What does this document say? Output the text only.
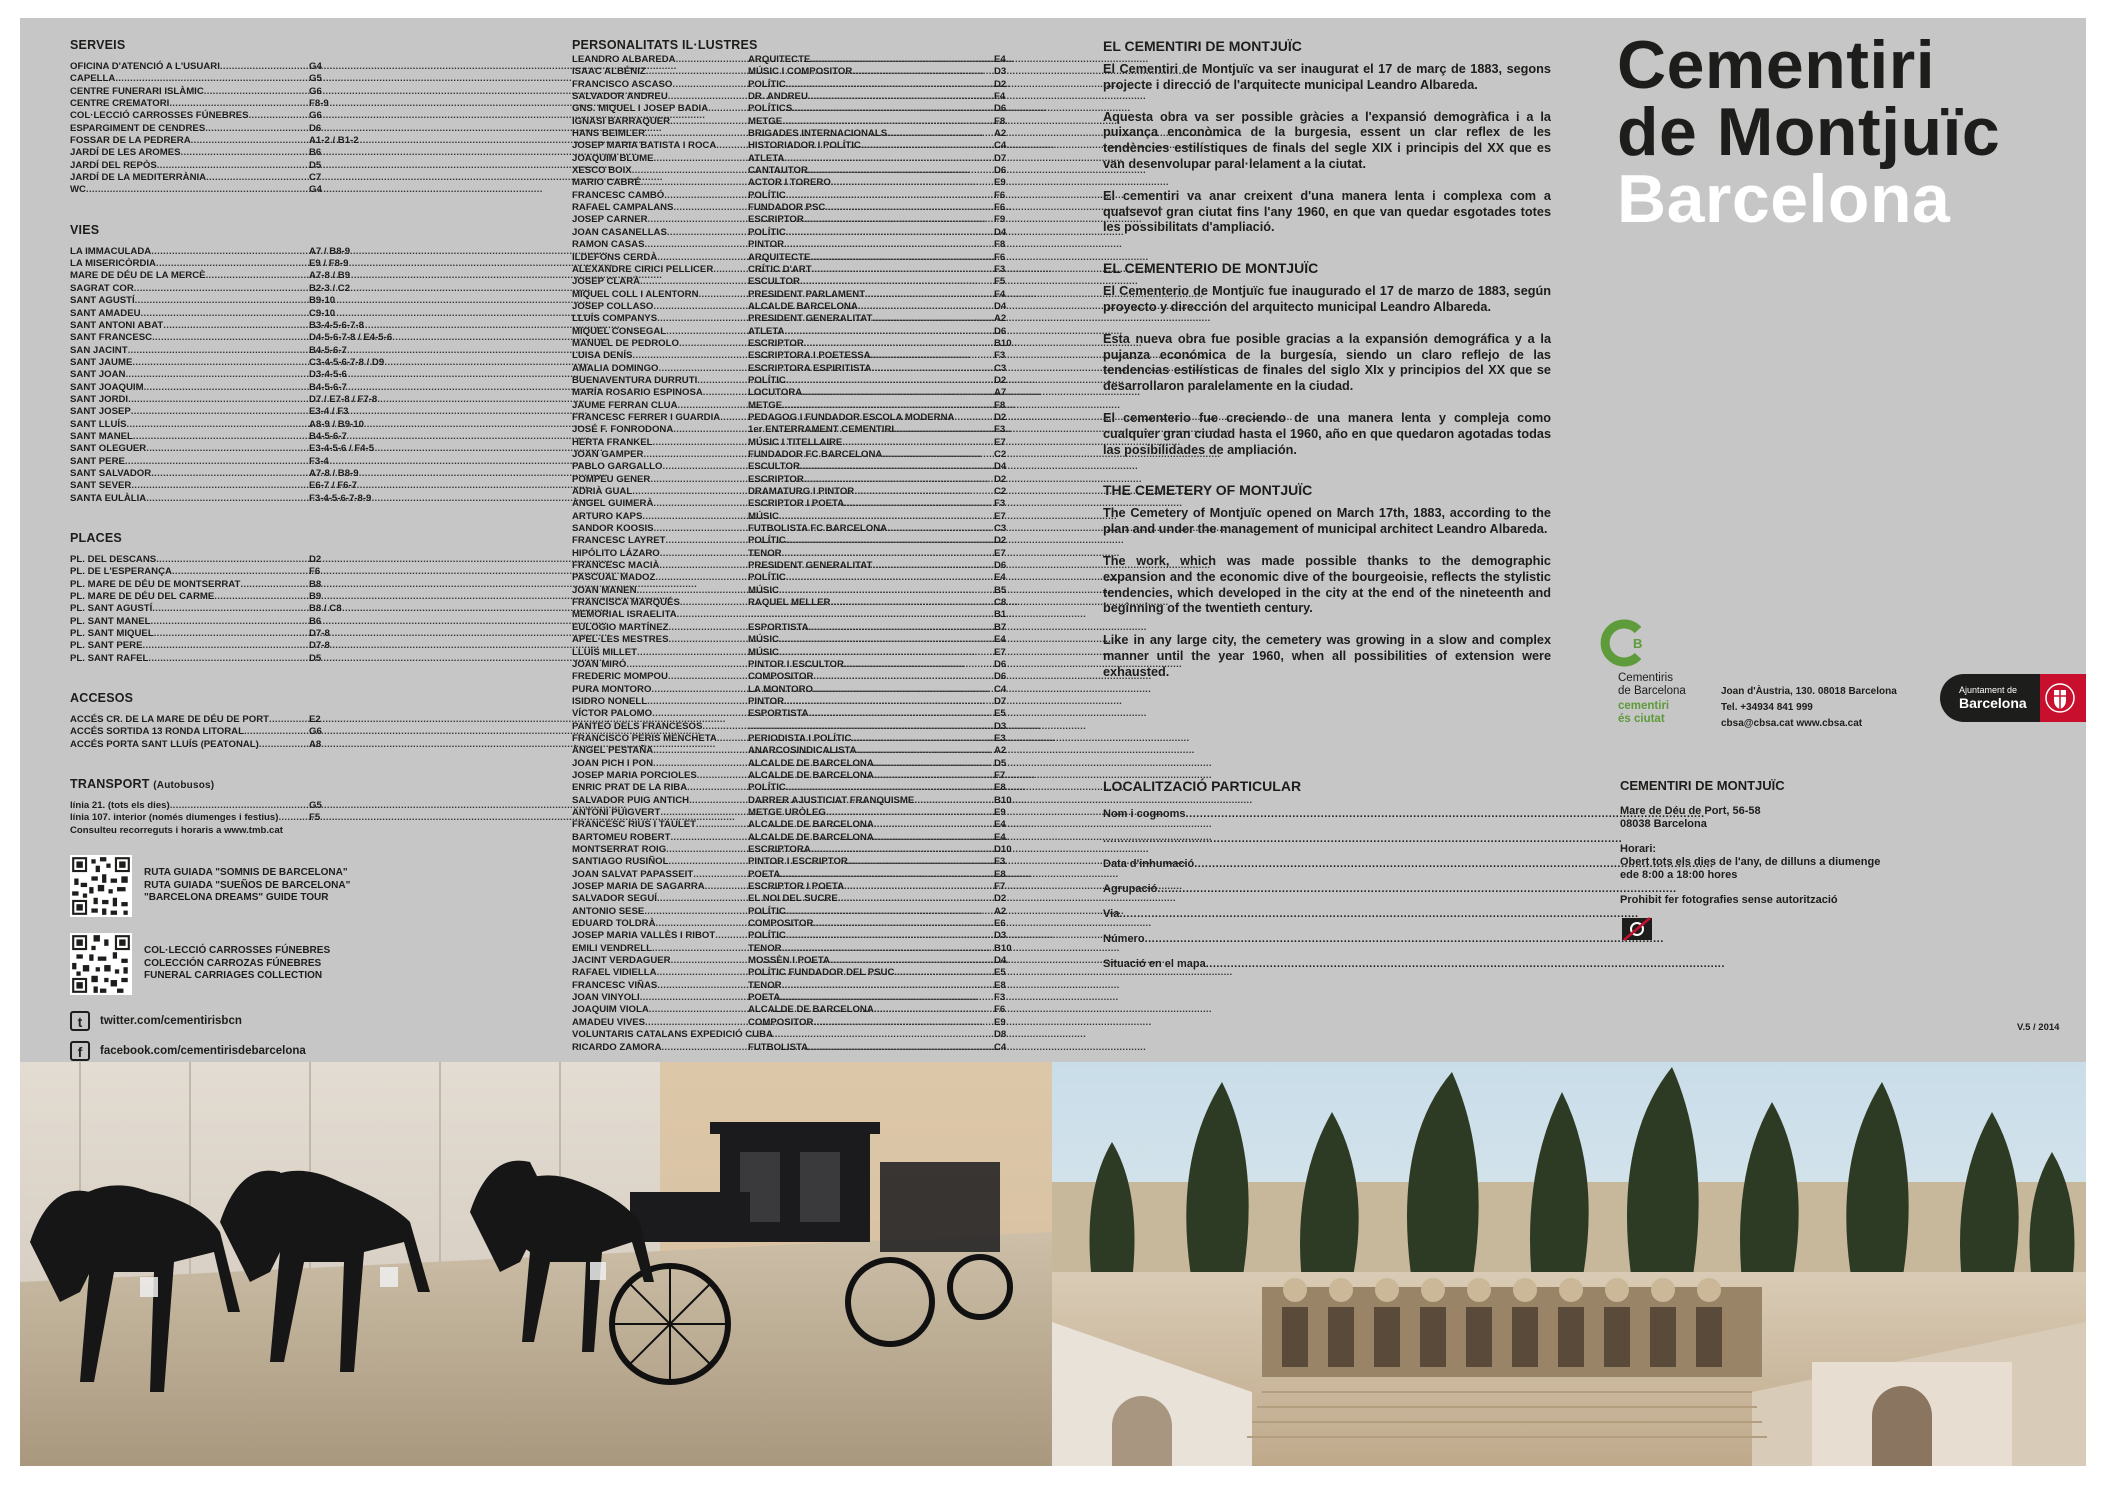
SERVEIS
OFICINA D'ATENCIÓ A L'USUARI .....	G4
CAPELLA .....	G5
CENTRE FUNERARI ISLÀMIC .....	G6
CENTRE CREMATORI .....	F8-9
COL·LECCIÓ CARROSSES FÚNEBRES .....	G6
ESPARGIMENT DE CENDRES .....	D6
FOSSAR DE LA PEDRERA .....	A1-2 / B1-2
JARDÍ DE LES AROMES .....	B6
JARDÍ DEL REPÒS .....	D5
JARDÍ DE LA MEDITERRÀNIA .....	C7
WC .....	G4
VIES
LA IMMACULADA .....	A7 / B8-9
LA MISERICÒRDIA .....	E9 / F8-9
MARE DE DÉU DE LA MERCÈ .....	A7-8 / B9
SAGRAT COR .....	B2-3 / C2
SANT AGUSTÍ .....	B9-10
SANT AMADEU .....	C9-10
SANT ANTONI ABAT .....	B3-4-5-6-7-8
SANT FRANCESC .....	D4-5-6-7-8 / E4-5-6
SAN JACINT .....	B4-5-6-7
SANT JAUME .....	C3-4-5-6-7-8 / D9
SANT JOAN .....	D3-4-5-6
SANT JOAQUIM .....	B4-5-6-7
SANT JORDI .....	D7 / E7-8 / F7-8
SANT JOSEP .....	E3-4 / F3
SANT LLUÍS .....	A8-9 / B9-10
SANT MANEL .....	B4-5-6-7
SANT OLEGUER .....	E3-4-5-6 / F4-5
SANT PERE .....	F3-4
SANT SALVADOR .....	A7-8 / B8-9
SANT SEVER .....	E6-7 / F6-7
SANTA EULÀLIA .....	F3-4-5-6-7-8-9
PLACES
PL. DEL DESCANS .....	D2
PL. DE L'ESPERANÇA .....	F6
PL. MARE DE DÉU DE MONTSERRAT .....	B8
PL. MARE DE DÉU DEL CARME .....	B9
PL. SANT AGUSTÍ .....	B8 / C8
PL. SANT MANEL .....	B6
PL. SANT MIQUEL .....	D7-8
PL. SANT PERE .....	D7-8
PL. SANT RAFEL .....	D5
ACCESOS
ACCÉS CR. DE LA MARE DE DÉU DE PORT .....	E2
ACCÉS SORTIDA 13 RONDA LITORAL .....	G6
ACCÉS PORTA SANT LLUÍS (PEATONAL) .....	A8
TRANSPORT (Autobusos)
línia 21. (tots els dies) .....	G5
línia 107. interior (només diumenges i festius) .....	F5
Consulteu recorreguts i horaris a www.tmb.cat
RUTA GUIADA "SOMNIS DE BARCELONA"
RUTA GUIADA "SUEÑOS DE BARCELONA"
"BARCELONA DREAMS" GUIDE TOUR
COL·LECCIÓ CARROSSES FÚNEBRES
COLECCIÓN CARROZAS FÚNEBRES
FUNERAL CARRIAGES COLLECTION
t	twitter.com/cementirisbcn
f	facebook.com/cementirisdebarcelona
PERSONALITATS IL·LUSTRES
LEANDRO ALBAREDA .....	ARQUITECTE .....	E4
ISAAC ALBÉNIZ .....	MÚSIC I COMPOSITOR .....	D3
FRANCISCO ASCASO .....	POLÍTIC .....	D2
SALVADOR ANDREU .....	DR. ANDREU .....	F4
GNS. MIQUEL I JOSEP BADIA .....	POLÍTICS .....	D6
IGNASI BARRAQUER .....	METGE .....	F8
HANS BEIMLER .....	BRIGADES INTERNACIONALS .....	A2
JOSEP MARIA BATISTA I ROCA .....	HISTORIADOR I POLÍTIC .....	C4
JOAQUIM BLUME .....	ATLETA .....	D7
XESCO BOIX .....	CANTAUTOR .....	D6
MARIO CABRÉ .....	ACTOR I TORERO .....	E9
FRANCESC CAMBÓ .....	POLÍTIC .....	F6
RAFAEL CAMPALANS .....	FUNDADOR PSC .....	F6
JOSEP CARNER .....	ESCRIPTOR .....	F9
JOAN CASANELLAS .....	POLÍTIC .....	D4
RAMON CASAS .....	PINTOR .....	F8
ILDEFONS CERDÀ .....	ARQUITECTE .....	F6
ALEXANDRE CIRICI PELLICER .....	CRÍTIC D'ART .....	F3
JOSEP CLARÀ .....	ESCULTOR .....	F5
MIQUEL COLL I ALENTORN .....	PRESIDENT PARLAMENT .....	F4
JOSEP COLLASO .....	ALCALDE BARCELONA .....	D4
LLUÍS COMPANYS .....	PRESIDENT GENERALITAT .....	A2
MIQUEL CONSEGAL .....	ATLETA .....	D6
MANUEL DE PEDROLO .....	ESCRIPTOR .....	B10
LUISA DENÍS .....	ESCRIPTORA I POETESSA .....	F3
AMALIA DOMINGO .....	ESCRIPTORA ESPIRITISTA .....	C3
BUENAVENTURA DURRUTI .....	POLÍTIC .....	D2
MARÍA ROSARIO ESPINOSA .....	LOCUTORA .....	A7
JAUME FERRAN CLUA .....	METGE .....	F8
FRANCESC FERRER I GUARDIA .....	PEDAGOG I FUNDADOR ESCOLA MODERNA .....	D2
JOSÉ F. FONRODONA .....	1er ENTERRAMENT CEMENTIRI .....	F3
HERTA FRANKEL .....	MÚSIC I TITELLAIRE .....	E7
JOAN GAMPER .....	FUNDADOR FC BARCELONA .....	C2
PABLO GARGALLO .....	ESCULTOR .....	D4
POMPEU GENER .....	ESCRIPTOR .....	D2
ADRIÀ GUAL .....	DRAMATURG I PINTOR .....	C2
ÀNGEL GUIMERÀ .....	ESCRIPTOR I POETA .....	F3
ARTURO KAPS .....	MÚSIC .....	E7
SANDOR KOOSIS .....	FUTBOLISTA FC BARCELONA .....	C3
FRANCESC LAYRET .....	POLÍTIC .....	D2
HIPÓLITO LÁZARO .....	TENOR .....	E7
FRANCESC MACIÀ .....	PRESIDENT GENERALITAT .....	D6
PASCUAL MADOZ .....	POLÍTIC .....	E4
JOAN MANEN .....	MÚSIC .....	B5
FRANCISCA MARQUÉS .....	RAQUEL MELLER .....	C8
MEMORIAL ISRAELITA ..... .....	B1
EULOGIO MARTÍNEZ .....	ESPORTISTA .....	B7
APEL·LES MESTRES .....	MÚSIC .....	E4
LLUÍS MILLET .....	MÚSIC .....	E7
JOAN MIRÓ .....	PINTOR I ESCULTOR .....	D6
FREDERIC MOMPOU .....	COMPOSITOR .....	D6
PURA MONTORO .....	LA MONTORO .....	C4
ISIDRO NONELL .....	PINTOR .....	D7
VÍCTOR PALOMO .....	ESPORTISTA .....	E5
PANTEÓ DELS FRANCESOS ..... .....	D3
FRANCISCO PERIS MENCHETA .....	PERIODISTA I POLÍTIC .....	E3
ÀNGEL PESTAÑA .....	ANARCOSINDICALISTA .....	A2
JOAN PICH I PON .....	ALCALDE DE BARCELONA .....	D5
JOSEP MARIA PORCIOLES .....	ALCALDE DE BARCELONA .....	F7
ENRIC PRAT DE LA RIBA .....	POLÍTIC .....	E8
SALVADOR PUIG ANTICH .....	DARRER AJUSTICIAT FRANQUISME .....	B10
ANTONI PUIGVERT .....	METGE URÒLEG .....	E9
FRANCESC RIUS I TAULET .....	ALCALDE DE BARCELONA .....	E4
BARTOMEU ROBERT .....	ALCALDE DE BARCELONA .....	E4
MONTSERRAT ROIG .....	ESCRIPTORA .....	D10
SANTIAGO RUSIÑOL .....	PINTOR I ESCRIPTOR .....	F3
JOAN SALVAT PAPASSEIT .....	POETA .....	E8
JOSEP MARIA DE SAGARRA .....	ESCRIPTOR I POETA .....	F7
SALVADOR SEGUÍ .....	EL NOI DEL SUCRE .....	D2
ANTONIO SESE .....	POLÍTIC .....	A2
EDUARD TOLDRÀ .....	COMPOSITOR .....	E6
JOSEP MARIA VALLÈS I RIBOT .....	POLÍTIC .....	D3
EMILI VENDRELL .....	TENOR .....	B10
JACINT VERDAGUER .....	MOSSÈN I POETA .....	D4
RAFAEL VIDIELLA .....	POLÍTIC FUNDADOR DEL PSUC .....	E5
FRANCESC VIÑAS .....	TENOR .....	E8
JOAN VINYOLI .....	POETA .....	F3
JOAQUIM VIOLA .....	ALCALDE DE BARCELONA .....	F6
AMADEU VIVES .....	COMPOSITOR .....	E9
VOLUNTARIS CATALANS EXPEDICIÓ CUBA .....	D8
RICARDO ZAMORA .....	FUTBOLISTA .....	C4
EL CEMENTIRI DE MONTJUÏC

El Cementiri de Montjuïc va ser inaugurat el 17 de març de 1883, segons projecte i direcció de l'arquitecte municipal Leandro Albareda.

Aquesta obra va ser possible gràcies a l'expansió demogràfica i a la puixança enconòmica de la burgesia, essent un clar reflex de les tendències estilístiques de finals del segle XIX i principis del XX que es van desenvolupar paral·lelament a la ciutat.

El cementiri va anar creixent d'una manera lenta i complexa com a qualsevol gran ciutat fins l'any 1960, en que van quedar esgotades totes les possibilitats d'ampliació.

EL CEMENTERIO DE MONTJUÏC

El Cementerio de Montjuïc fue inaugurado el 17 de marzo de 1883, según proyecto y dirección del arquitecto municipal Leandro Albareda.

Esta nueva obra fue posible gracias a la expansión demográfica y a la pujanza económica de la burgesía, siendo un claro reflejo de las tendencias estilísticas de finales del siglo XIx y principios del XX que se desarrollaron paralelamente en la ciudad.

El cementerio fue creciendo de una manera lenta y compleja como cualquier gran ciudad hasta el 1960, año en que quedaron agotadas todas las posibilidades de ampliación.

THE CEMETERY OF MONTJUÏC

The Cemetery of Montjuïc opened on March 17th, 1883, according to the plan and under the management of municipal architect Leandro Albareda.

The work, which was made possible thanks to the demographic expansion and the economic dive of the bourgeoisie, reflects the stylistic tendencies, which developed in the city at the end of the nineteenth and beginning of the twentieth century.

Like in any large city, the cemetery was growing in a slow and complex manner until the year 1960, when all possibilities of extension were exhausted.

LOCALITZACIÓ PARTICULAR
Nom i cognoms
.....
.....
Data d'inhumació
.....
Agrupació
.....
Via
.....
Número
.....
Situació en el mapa
.....
Cementiri
de Montjuïc
Barcelona
B
Cementiris
de Barcelona
cementiri
és ciutat
Joan d'Àustria, 130. 08018 Barcelona
Tel. +34934 841 999
cbsa@cbsa.cat www.cbsa.cat
Ajuntament de
Barcelona
CEMENTIRI DE MONTJUÏC
Mare de Déu de Port, 56-58
08038 Barcelona
Horari:
Obert tots els dies de l'any, de dilluns a diumenge
ede 8:00 a 18:00 hores
Prohibit fer fotografies sense autorització
V.5 / 2014
